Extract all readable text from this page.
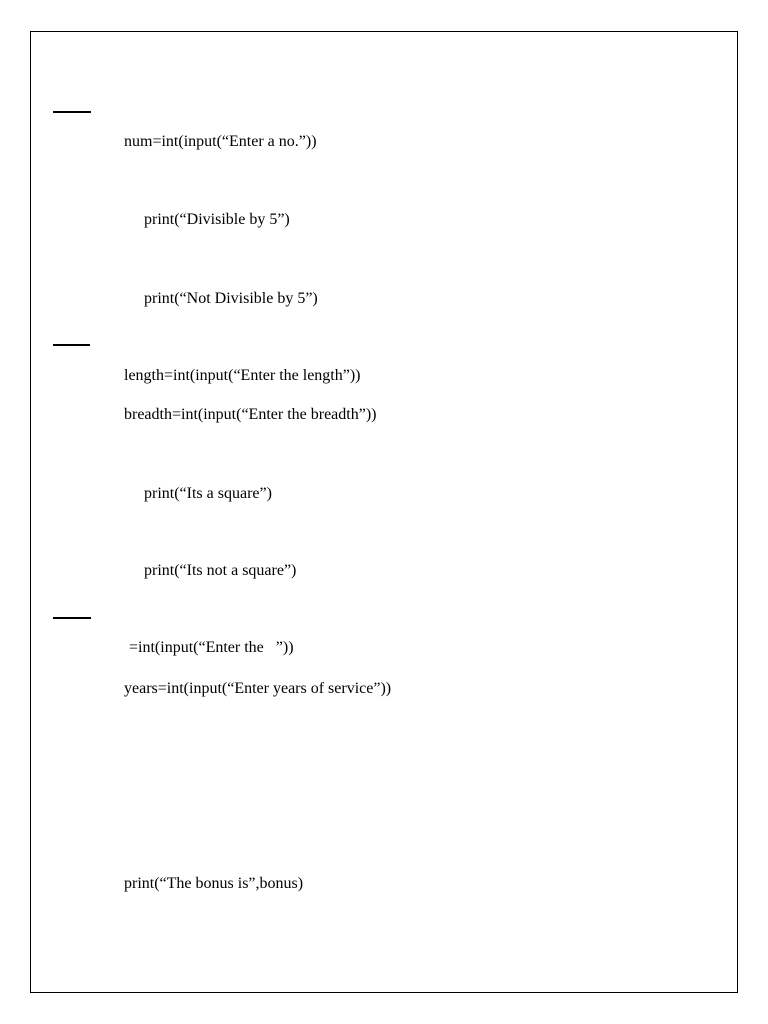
num=int(input(“Enter a no.”))
print(“Divisible by 5”)
print(“Not Divisible by 5”)
length=int(input(“Enter the length”))
breadth=int(input(“Enter the breadth”))
print(“Its a square”)
print(“Its not a square”)
=int(input(“Enter the   ”))
years=int(input(“Enter years of service”))
print(“The bonus is”,bonus)
